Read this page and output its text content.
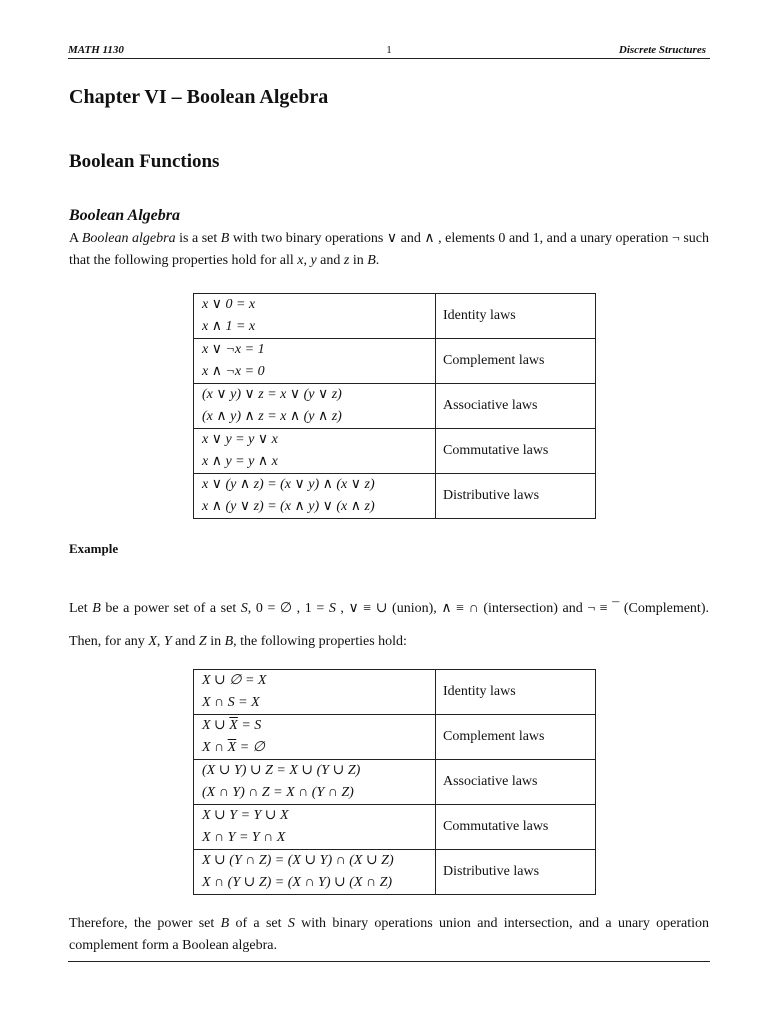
MATH 1130	1	Discrete Structures
Chapter VI – Boolean Algebra
Boolean Functions
Boolean Algebra
A Boolean algebra is a set B with two binary operations ∨ and ∧ , elements 0 and 1, and a unary operation ¬ such that the following properties hold for all x, y and z in B.
x ∨ 0 = x
x ∧ 1 = x	Identity laws

x ∨ ¬x = 1
x ∧ ¬x = 0	Complement laws

(x ∨ y) ∨ z = x ∨ (y ∨ z)
(x ∧ y) ∧ z = x ∧ (y ∧ z)	Associative laws

x ∨ y = y ∨ x
x ∧ y = y ∧ x	Commutative laws

x ∨ (y ∧ z) = (x ∨ y) ∧ (x ∨ z)
x ∧ (y ∨ z) = (x ∧ y) ∨ (x ∧ z)	Distributive laws
Example
Let B be a power set of a set S, 0 = ∅ , 1 = S , ∨ ≡ ∪ (union), ∧ ≡ ∩ (intersection) and ¬ ≡ ¯ (Complement). Then, for any X, Y and Z in B, the following properties hold:
X ∪ ∅ = X
X ∩ S = X	Identity laws

X ∪ $\overline{X} = S$
X ∩ $\overline{X}$ = ∅	Complement laws

(X ∪ Y) ∪ Z = X ∪ (Y ∪ Z)
(X ∩ Y) ∩ Z = X ∩ (Y ∩ Z)	Associative laws

X ∪ Y = Y ∪ X
X ∩ Y = Y ∩ X	Commutative laws

X ∪ (Y ∩ Z) = (X ∪ Y) ∩ (X ∪ Z)
X ∩ (Y ∪ Z) = (X ∩ Y) ∪ (X ∩ Z)	Distributive laws
Therefore, the power set B of a set S with binary operations union and intersection, and a unary operation complement form a Boolean algebra.
